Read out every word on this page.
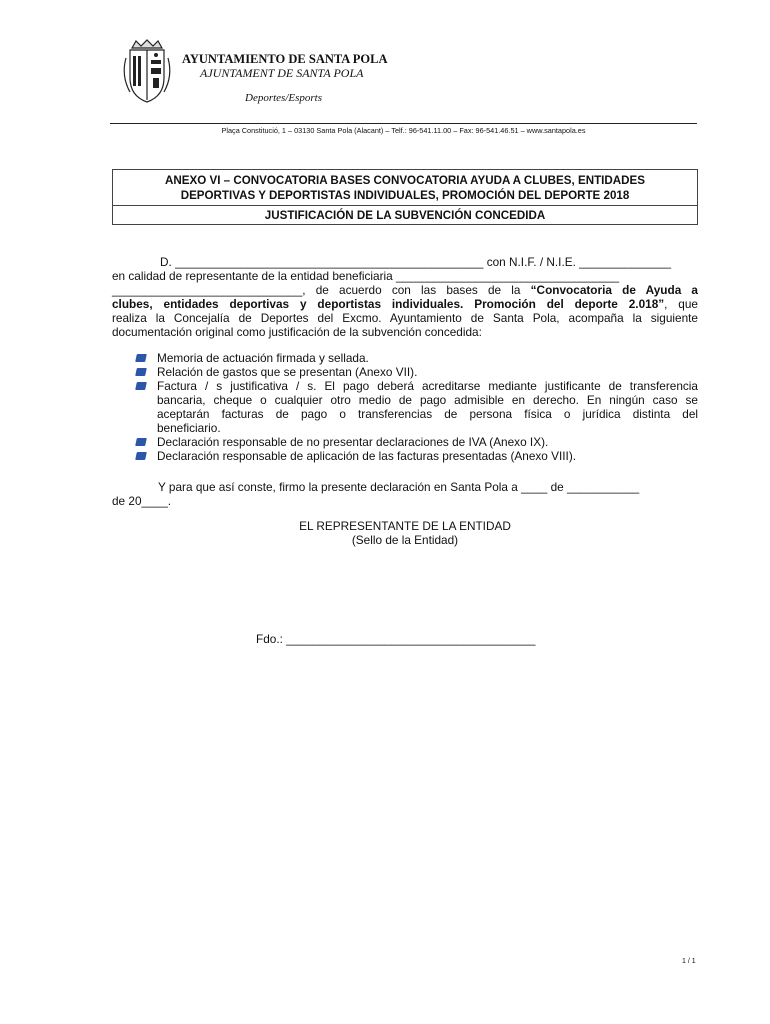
AYUNTAMIENTO DE SANTA POLA
AJUNTAMENT DE SANTA POLA
Deportes/Esports
Plaça Constitució, 1 – 03130 Santa Pola (Alacant) – Telf.: 96-541.11.00 – Fax: 96-541.46.51 – www.santapola.es
ANEXO VI – CONVOCATORIA BASES CONVOCATORIA AYUDA A CLUBES, ENTIDADES
DEPORTIVAS Y DEPORTISTAS INDIVIDUALES, PROMOCIÓN DEL DEPORTE 2018
JUSTIFICACIÓN DE LA SUBVENCIÓN CONCEDIDA
D. _______________________________________________ con N.I.F. / N.I.E. ______________
en calidad de representante de la entidad beneficiaria __________________________________
_____________________________, de acuerdo con las bases de la “Convocatoria de Ayuda a
clubes, entidades deportivas y deportistas individuales. Promoción del deporte 2.018”, que
realiza la Concejalía de Deportes del Excmo. Ayuntamiento de Santa Pola, acompaña la siguiente
documentación original como justificación de la subvención concedida:
Memoria de actuación firmada y sellada.
Relación de gastos que se presentan (Anexo VII).
Factura / s justificativa / s. El pago deberá acreditarse mediante justificante de transferencia
bancaria, cheque o cualquier otro medio de pago admisible en derecho. En ningún caso se
aceptarán facturas de pago o transferencias de persona física o jurídica distinta del
beneficiario.
Declaración responsable de no presentar declaraciones de IVA (Anexo IX).
Declaración responsable de aplicación de las facturas presentadas (Anexo VIII).
Y para que así conste, firmo la presente declaración en Santa Pola a ____ de ___________
de 20____.
EL REPRESENTANTE DE LA ENTIDAD
(Sello de la Entidad)
Fdo.: ______________________________________
1 / 1
